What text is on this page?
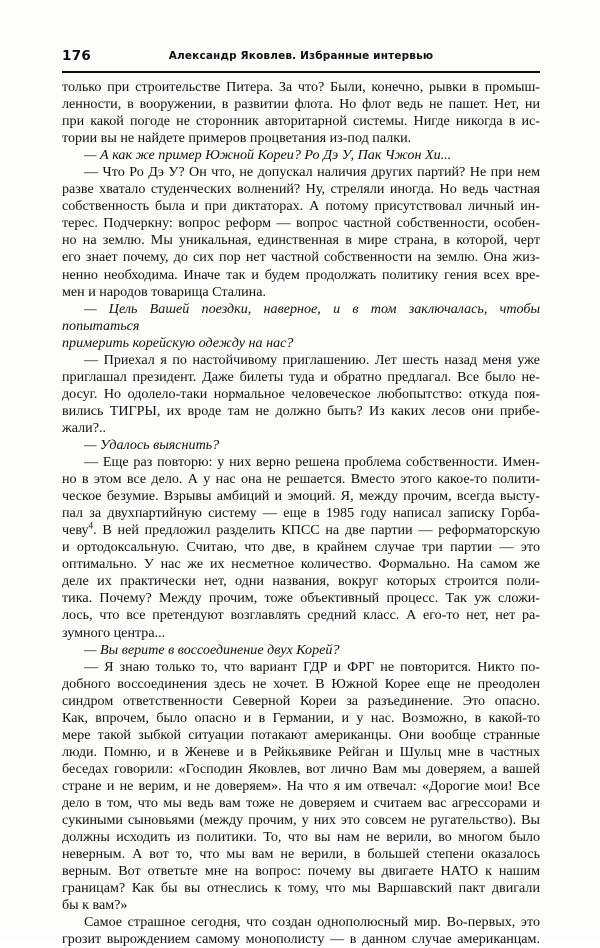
176	Александр Яковлев. Избранные интервью
только при строительстве Питера. За что? Были, конечно, рывки в промыш-
ленности, в вооружении, в развитии флота. Но флот ведь не пашет. Нет, ни
при какой погоде не сторонник авторитарной системы. Нигде никогда в ис-
тории вы не найдете примеров процветания из-под палки.
— А как же пример Южной Кореи? Ро Дэ У, Пак Чжон Хи...
— Что Ро Дэ У? Он что, не допускал наличия других партий? Не при нем
разве хватало студенческих волнений? Ну, стреляли иногда. Но ведь частная
собственность была и при диктаторах. А потому присутствовал личный ин-
терес. Подчеркну: вопрос реформ — вопрос частной собственности, особен-
но на землю. Мы уникальная, единственная в мире страна, в которой, черт
его знает почему, до сих пор нет частной собственности на землю. Она жиз-
ненно необходима. Иначе так и будем продолжать политику гения всех вре-
мен и народов товарища Сталина.
— Цель Вашей поездки, наверное, и в том заключалась, чтобы попытаться
примерить корейскую одежду на нас?
— Приехал я по настойчивому приглашению. Лет шесть назад меня уже
приглашал президент. Даже билеты туда и обратно предлагал. Все было не-
досуг. Но одолело-таки нормальное человеческое любопытство: откуда поя-
вились ТИГРЫ, их вроде там не должно быть? Из каких лесов они прибе-
жали?..
— Удалось выяснить?
— Еще раз повторю: у них верно решена проблема собственности. Имен-
но в этом все дело. А у нас она не решается. Вместо этого какое-то полити-
ческое безумие. Взрывы амбиций и эмоций. Я, между прочим, всегда высту-
пал за двухпартийную систему — еще в 1985 году написал записку Горба-
чеву$^4$. В ней предложил разделить КПСС на две партии — реформаторскую
и ортодоксальную. Считаю, что две, в крайнем случае три партии — это
оптимально. У нас же их несметное количество. Формально. На самом же
деле их практически нет, одни названия, вокруг которых строится поли-
тика. Почему? Между прочим, тоже объективный процесс. Так уж сложи-
лось, что все претендуют возглавлять средний класс. А его-то нет, нет ра-
зумного центра...
— Вы верите в воссоединение двух Корей?
— Я знаю только то, что вариант ГДР и ФРГ не повторится. Никто по-
добного воссоединения здесь не хочет. В Южной Корее еще не преодолен
синдром ответственности Северной Кореи за разъединение. Это опасно.
Как, впрочем, было опасно и в Германии, и у нас. Возможно, в какой-то
мере такой зыбкой ситуации потакают американцы. Они вообще странные
люди. Помню, и в Женеве и в Рейкьявике Рейган и Шульц мне в частных
беседах говорили: «Господин Яковлев, вот лично Вам мы доверяем, а вашей
стране и не верим, и не доверяем». На что я им отвечал: «Дорогие мои! Все
дело в том, что мы ведь вам тоже не доверяем и считаем вас агрессорами и
сукиными сыновьями (между прочим, у них это совсем не ругательство). Вы
должны исходить из политики. То, что вы нам не верили, во многом было
неверным. А вот то, что мы вам не верили, в большей степени оказалось
верным. Вот ответьте мне на вопрос: почему вы двигаете НАТО к нашим
границам? Как бы вы отнеслись к тому, что мы Варшавский пакт двигали
бы к вам?»
Самое страшное сегодня, что создан однополюсный мир. Во-первых, это
грозит вырождением самому монополисту — в данном случае американцам.
